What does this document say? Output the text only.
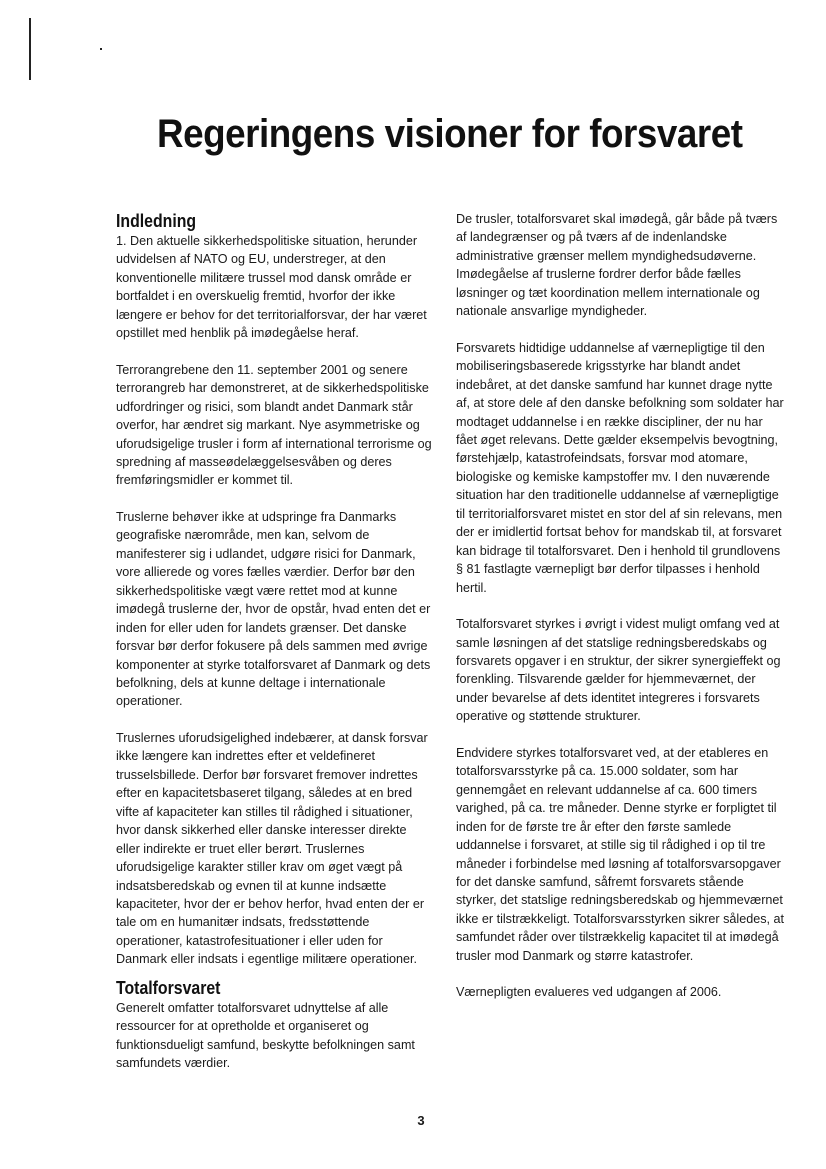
Regeringens visioner for forsvaret
Indledning

1. Den aktuelle sikkerhedspolitiske situation, herunder udvidelsen af NATO og EU, understreger, at den konventionelle militære trussel mod dansk område er bortfaldet i en overskuelig fremtid, hvorfor der ikke længere er behov for det territorialforsvar, der har været opstillet med henblik på imødegåelse heraf.

Terrorangrebene den 11. september 2001 og senere terrorangreb har demonstreret, at de sikkerhedspolitiske udfordringer og risici, som blandt andet Danmark står overfor, har ændret sig markant. Nye asymmetriske og uforudsigelige trusler i form af international terrorisme og spredning af masseødelæggelsesvåben og deres fremføringsmidler er kommet til.

Truslerne behøver ikke at udspringe fra Danmarks geografiske nærområde, men kan, selvom de manifesterer sig i udlandet, udgøre risici for Danmark, vore allierede og vores fælles værdier. Derfor bør den sikkerhedspolitiske vægt være rettet mod at kunne imødegå truslerne der, hvor de opstår, hvad enten det er inden for eller uden for landets grænser. Det danske forsvar bør derfor fokusere på dels sammen med øvrige komponenter at styrke totalforsvaret af Danmark og dets befolkning, dels at kunne deltage i internationale operationer.

Truslernes uforudsigelighed indebærer, at dansk forsvar ikke længere kan indrettes efter et veldefineret trusselsbillede. Derfor bør forsvaret fremover indrettes efter en kapacitetsbaseret tilgang, således at en bred vifte af kapaciteter kan stilles til rådighed i situationer, hvor dansk sikkerhed eller danske interesser direkte eller indirekte er truet eller berørt. Truslernes uforudsigelige karakter stiller krav om øget vægt på indsatsberedskab og evnen til at kunne indsætte kapaciteter, hvor der er behov herfor, hvad enten der er tale om en humanitær indsats, fredsstøttende operationer, katastrofesituationer i eller uden for Danmark eller indsats i egentlige militære operationer.

Totalforsvaret

Generelt omfatter totalforsvaret udnyttelse af alle ressourcer for at opretholde et organiseret og funktionsdueligt samfund, beskytte befolkningen samt samfundets værdier.

De trusler, totalforsvaret skal imødegå, går både på tværs af landegrænser og på tværs af de indenlandske administrative grænser mellem myndighedsudøverne. Imødegåelse af truslerne fordrer derfor både fælles løsninger og tæt koordination mellem internationale og nationale ansvarlige myndigheder.

Forsvarets hidtidige uddannelse af værnepligtige til den mobiliseringsbaserede krigsstyrke har blandt andet indebåret, at det danske samfund har kunnet drage nytte af, at store dele af den danske befolkning som soldater har modtaget uddannelse i en række discipliner, der nu har fået øget relevans. Dette gælder eksempelvis bevogtning, førstehjælp, katastrofeindsats, forsvar mod atomare, biologiske og kemiske kampstoffer mv. I den nuværende situation har den traditionelle uddannelse af værnepligtige til territorialforsvaret mistet en stor del af sin relevans, men der er imidlertid fortsat behov for mandskab til, at forsvaret kan bidrage til totalforsvaret. Den i henhold til grundlovens § 81 fastlagte værnepligt bør derfor tilpasses i henhold hertil.

Totalforsvaret styrkes i øvrigt i videst muligt omfang ved at samle løsningen af det statslige redningsberedskabs og forsvarets opgaver i en struktur, der sikrer synergieffekt og forenkling. Tilsvarende gælder for hjemmeværnet, der under bevarelse af dets identitet integreres i forsvarets operative og støttende strukturer.

Endvidere styrkes totalforsvaret ved, at der etableres en totalforsvarsstyrke på ca. 15.000 soldater, som har gennemgået en relevant uddannelse af ca. 600 timers varighed, på ca. tre måneder. Denne styrke er forpligtet til inden for de første tre år efter den første samlede uddannelse i forsvaret, at stille sig til rådighed i op til tre måneder i forbindelse med løsning af totalforsvarsopgaver for det danske samfund, såfremt forsvarets stående styrker, det statslige redningsberedskab og hjemmeværnet ikke er tilstrækkeligt. Totalforsvarsstyrken sikrer således, at samfundet råder over tilstrækkelig kapacitet til at imødegå trusler mod Danmark og større katastrofer.

Værnepligten evalueres ved udgangen af 2006.

3
